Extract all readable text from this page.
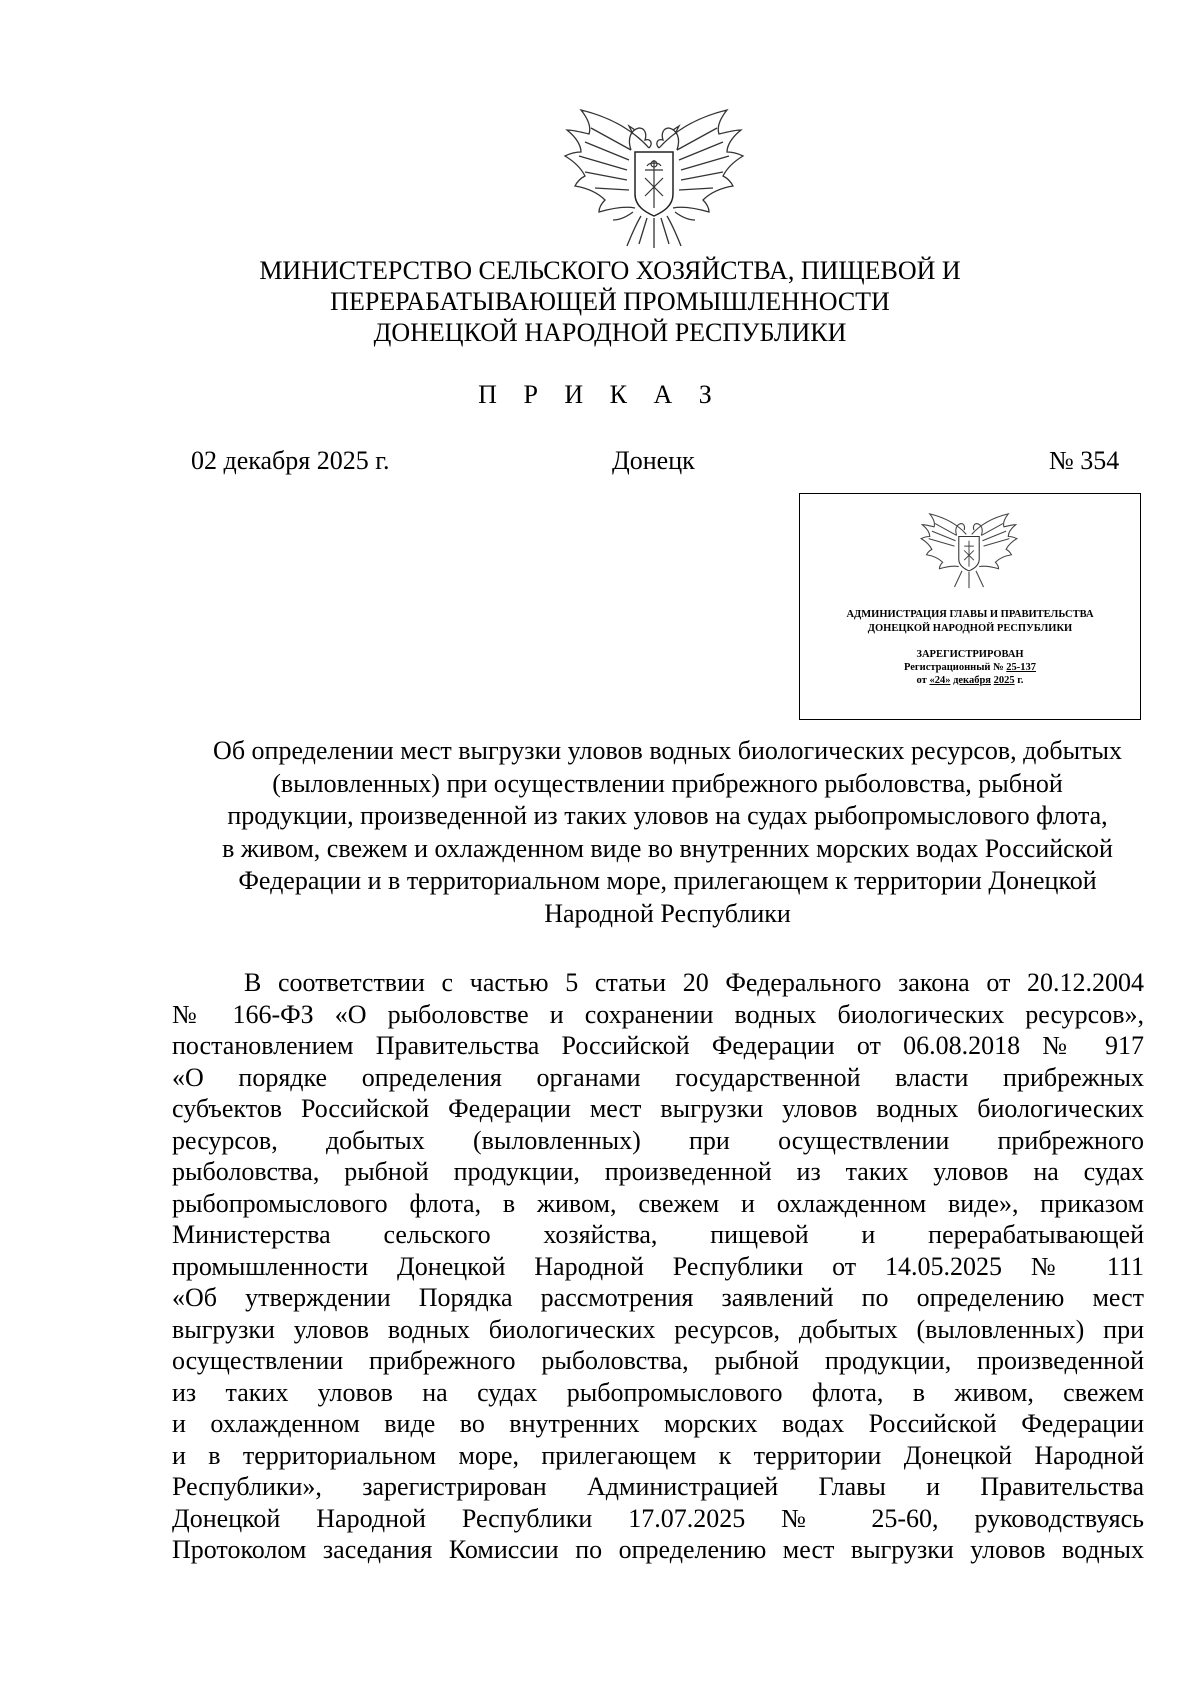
МИНИСТЕРСТВО СЕЛЬСКОГО ХОЗЯЙСТВА, ПИЩЕВОЙ И
ПЕРЕРАБАТЫВАЮЩЕЙ ПРОМЫШЛЕННОСТИ
ДОНЕЦКОЙ НАРОДНОЙ РЕСПУБЛИКИ
П Р И К А З
02 декабря 2025 г.	Донецк	№ 354
АДМИНИСТРАЦИЯ ГЛАВЫ И ПРАВИТЕЛЬСТВА
ДОНЕЦКОЙ НАРОДНОЙ РЕСПУБЛИКИ
ЗАРЕГИСТРИРОВАН
Регистрационный № 25-137
от «24» декабря 2025 г.
Об определении мест выгрузки уловов водных биологических ресурсов, добытых
(выловленных) при осуществлении прибрежного рыболовства, рыбной
продукции, произведенной из таких уловов на судах рыбопромыслового флота,
в живом, свежем и охлажденном виде во внутренних морских водах Российской
Федерации и в территориальном море, прилегающем к территории Донецкой
Народной Республики
В соответствии с частью 5 статьи 20 Федерального закона от 20.12.2004
№ 166-ФЗ «О рыболовстве и сохранении водных биологических ресурсов»,
постановлением Правительства Российской Федерации от 06.08.2018 № 917
«О порядке определения органами государственной власти прибрежных
субъектов Российской Федерации мест выгрузки уловов водных биологических
ресурсов, добытых (выловленных) при осуществлении прибрежного
рыболовства, рыбной продукции, произведенной из таких уловов на судах
рыбопромыслового флота, в живом, свежем и охлажденном виде», приказом
Министерства сельского хозяйства, пищевой и перерабатывающей
промышленности Донецкой Народной Республики от 14.05.2025 № 111
«Об утверждении Порядка рассмотрения заявлений по определению мест
выгрузки уловов водных биологических ресурсов, добытых (выловленных) при
осуществлении прибрежного рыболовства, рыбной продукции, произведенной
из таких уловов на судах рыбопромыслового флота, в живом, свежем
и охлажденном виде во внутренних морских водах Российской Федерации
и в территориальном море, прилегающем к территории Донецкой Народной
Республики», зарегистрирован Администрацией Главы и Правительства
Донецкой Народной Республики 17.07.2025 № 25-60, руководствуясь
Протоколом заседания Комиссии по определению мест выгрузки уловов водных
